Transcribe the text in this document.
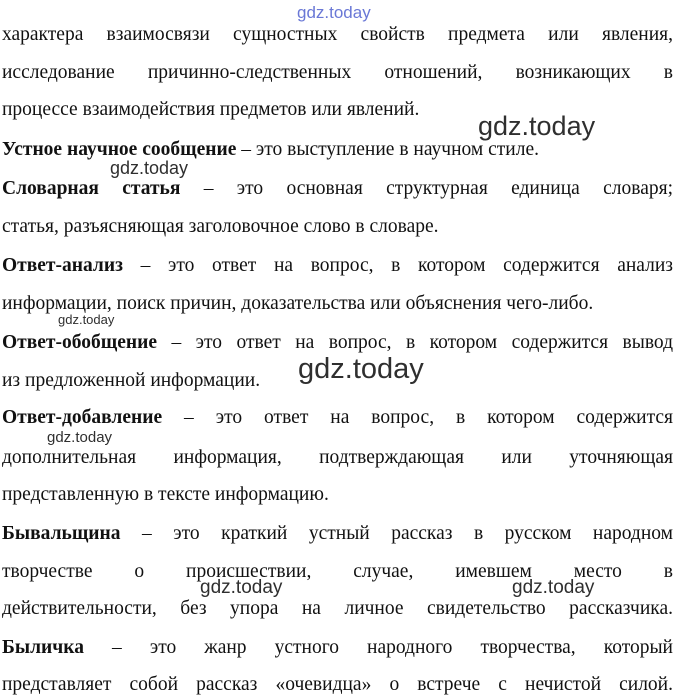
характера взаимосвязи сущностных свойств предмета или явления,
исследование причинно-следственных отношений, возникающих в
процессе взаимодействия предметов или явлений.
Устное научное сообщение – это выступление в научном стиле.
Словарная статья – это основная структурная единица словаря;
статья, разъясняющая заголовочное слово в словаре.
Ответ-анализ – это ответ на вопрос, в котором содержится анализ
информации, поиск причин, доказательства или объяснения чего-либо.
Ответ-обобщение – это ответ на вопрос, в котором содержится вывод
из предложенной информации.
Ответ-добавление – это ответ на вопрос, в котором содержится
дополнительная информация, подтверждающая или уточняющая
представленную в тексте информацию.
Бывальщина – это краткий устный рассказ в русском народном
творчестве о происшествии, случае, имевшем место в
действительности, без упора на личное свидетельство рассказчика.
Быличка – это жанр устного народного творчества, который
представляет собой рассказ «очевидца» о встрече с нечистой силой.
gdz.today
gdz.today
gdz.today
gdz.today
gdz.today
gdz.today
gdz.today	gdz.today
